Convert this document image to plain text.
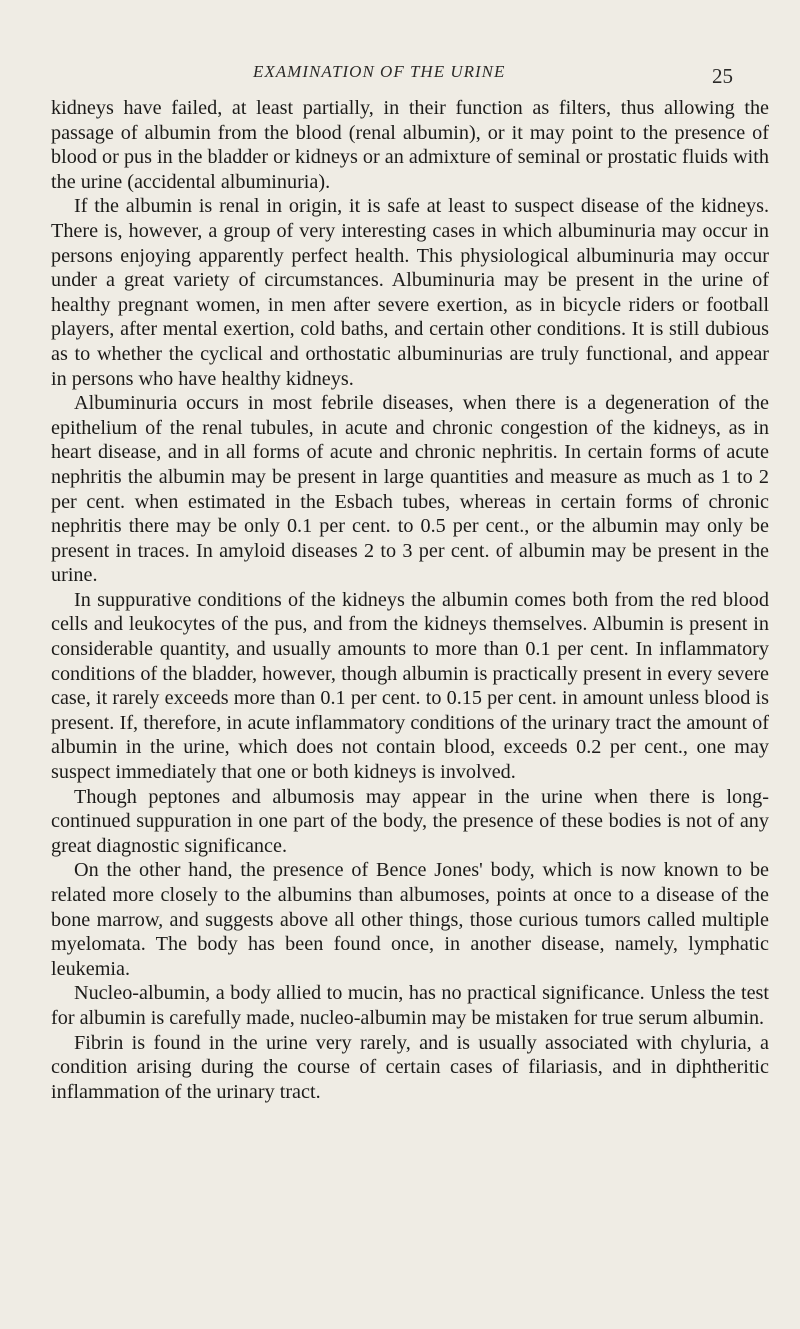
EXAMINATION OF THE URINE	25

kidneys have failed, at least partially, in their function as filters, thus allowing the passage of albumin from the blood (renal albumin), or it may point to the presence of blood or pus in the bladder or kidneys or an admixture of seminal or prostatic fluids with the urine (accidental albuminuria).

If the albumin is renal in origin, it is safe at least to suspect disease of the kidneys. There is, however, a group of very interesting cases in which albuminuria may occur in persons enjoying apparently perfect health. This physiological albuminuria may occur under a great variety of circumstances. Albuminuria may be present in the urine of healthy pregnant women, in men after severe exertion, as in bicycle riders or football players, after mental exertion, cold baths, and certain other conditions. It is still dubious as to whether the cyclical and orthostatic albuminurias are truly functional, and appear in persons who have healthy kidneys.

Albuminuria occurs in most febrile diseases, when there is a degeneration of the epithelium of the renal tubules, in acute and chronic congestion of the kidneys, as in heart disease, and in all forms of acute and chronic nephritis. In certain forms of acute nephritis the albumin may be present in large quantities and measure as much as 1 to 2 per cent. when estimated in the Esbach tubes, whereas in certain forms of chronic nephritis there may be only 0.1 per cent. to 0.5 per cent., or the albumin may only be present in traces. In amyloid diseases 2 to 3 per cent. of albumin may be present in the urine.

In suppurative conditions of the kidneys the albumin comes both from the red blood cells and leukocytes of the pus, and from the kidneys themselves. Albumin is present in considerable quantity, and usually amounts to more than 0.1 per cent. In inflammatory conditions of the bladder, however, though albumin is practically present in every severe case, it rarely exceeds more than 0.1 per cent. to 0.15 per cent. in amount unless blood is present. If, therefore, in acute inflammatory conditions of the urinary tract the amount of albumin in the urine, which does not contain blood, exceeds 0.2 per cent., one may suspect immediately that one or both kidneys is involved.

Though peptones and albumosis may appear in the urine when there is long-continued suppuration in one part of the body, the presence of these bodies is not of any great diagnostic significance.

On the other hand, the presence of Bence Jones' body, which is now known to be related more closely to the albumins than albumoses, points at once to a disease of the bone marrow, and suggests above all other things, those curious tumors called multiple myelomata. The body has been found once, in another disease, namely, lymphatic leukemia.

Nucleo-albumin, a body allied to mucin, has no practical significance. Unless the test for albumin is carefully made, nucleo-albumin may be mistaken for true serum albumin.

Fibrin is found in the urine very rarely, and is usually associated with chyluria, a condition arising during the course of certain cases of filariasis, and in diphtheritic inflammation of the urinary tract.
